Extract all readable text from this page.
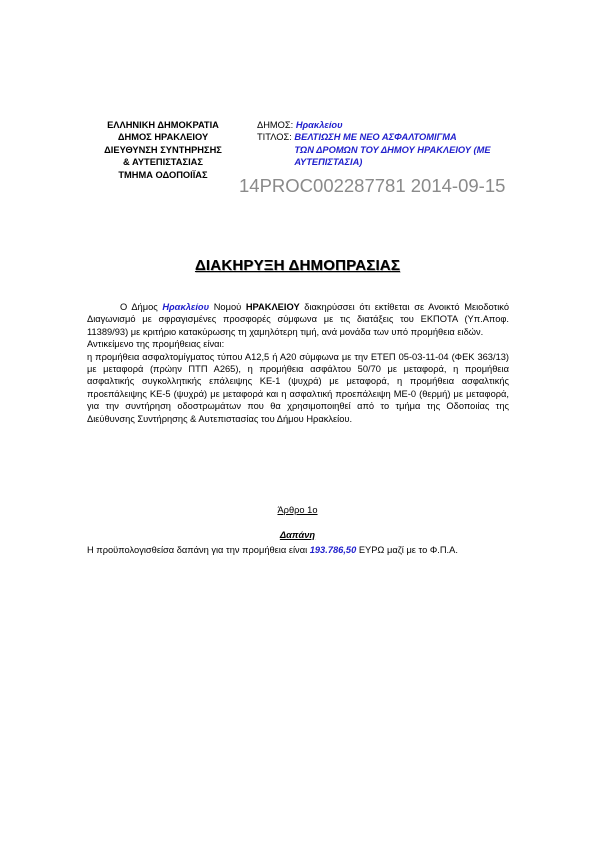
ΕΛΛΗΝΙΚΗ ΔΗΜΟΚΡΑΤΙΑ
ΔΗΜΟΣ ΗΡΑΚΛΕΙΟΥ
ΔΙΕΥΘΥΝΣΗ ΣΥΝΤΗΡΗΣΗΣ
& ΑΥΤΕΠΙΣΤΑΣΙΑΣ
ΤΜΗΜΑ ΟΔΟΠΟΙΪΑΣ
ΔΗΜΟΣ:
Ηρακλείου
ΤΙΤΛΟΣ:
ΒΕΛΤΙΩΣΗ ΜΕ ΝΕΟ ΑΣΦΑΛΤΟΜΙΓΜΑ
ΤΩΝ ΔΡΟΜΩΝ ΤΟΥ ΔΗΜΟΥ ΗΡΑΚΛΕΙΟΥ (ΜΕ
ΑΥΤΕΠΙΣΤΑΣΙΑ)
14PROC002287781 2014-09-15
ΔΙΑΚΗΡΥΞΗ ΔΗΜΟΠΡΑΣΙΑΣ

Ο Δήμος Ηρακλείου Νομού ΗΡΑΚΛΕΙΟΥ διακηρύσσει ότι εκτίθεται σε Ανοικτό Μειοδοτικό Διαγωνισμό με σφραγισμένες προσφορές σύμφωνα με τις διατάξεις του ΕΚΠΟΤΑ (Υπ.Αποφ. 11389/93) με κριτήριο κατακύρωσης τη χαμηλότερη τιμή, ανά μονάδα των υπό προμήθεια ειδών.

Αντικείμενο της προμήθειας είναι:

η προμήθεια ασφαλτομίγματος τύπου Α12,5 ή Α20 σύμφωνα με την ΕΤΕΠ 05-03-11-04 (ΦΕΚ 363/13) με μεταφορά (πρώην ΠΤΠ Α265), η προμήθεια ασφάλτου 50/70 με μεταφορά, η προμήθεια ασφαλτικής συγκολλητικής επάλειψης ΚΕ-1 (ψυχρά) με μεταφορά, η προμήθεια ασφαλτικής προεπάλειψης ΚΕ-5 (ψυχρά) με μεταφορά και η ασφαλτική προεπάλειψη ΜΕ-0 (θερμή) με μεταφορά, για την συντήρηση οδοστρωμάτων που θα χρησιμοποιηθεί από το τμήμα της Οδοποιίας της Διεύθυνσης Συντήρησης & Αυτεπιστασίας του Δήμου Ηρακλείου.

Άρθρο 1ο
Δαπάνη

Η προϋπολογισθείσα δαπάνη για την προμήθεια είναι 193.786,50 ΕΥΡΩ μαζί με το Φ.Π.Α.
